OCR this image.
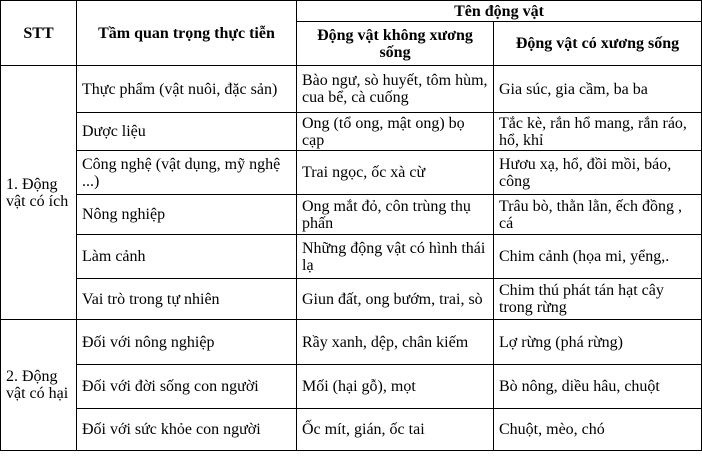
STT	Tầm quan trọng thực tiễn	Tên động vật	
		Động vật không xương sống	Động vật có xương sống
1. Động vật có ích	Thực phẩm (vật nuôi, đặc sản)	Bào ngư, sò huyết, tôm hùm, cua bể, cà cuống	Gia súc, gia cầm, ba ba
	Dược liệu	Ong (tổ ong, mật ong) bọ cạp	Tắc kè, rắn hổ mang, rắn ráo, hổ, khỉ
	Công nghệ (vật dụng, mỹ nghệ ...)	Trai ngọc, ốc xà cừ	Hươu xạ, hổ, đồi mồi, báo, công
	Nông nghiệp	Ong mắt đỏ, côn trùng thụ phấn	Trâu bò, thằn lằn, ếch đồng , cá
	Làm cảnh	Những động vật có hình thái lạ	Chim cảnh (họa mi, yểng,.
	Vai trò trong tự nhiên	Giun đất, ong bướm, trai, sò	Chim thú phát tán hạt cây trong rừng
2. Động vật có hại	Đối với nông nghiệp	Rầy xanh, dệp, chân kiếm	Lợ rừng (phá rừng)
	Đối với đời sống con người	Mối (hại gỗ), mọt	Bò nông, diều hâu, chuột
	Đối với sức khỏe con người	Ốc mít, gián, ốc tai	Chuột, mèo, chó
